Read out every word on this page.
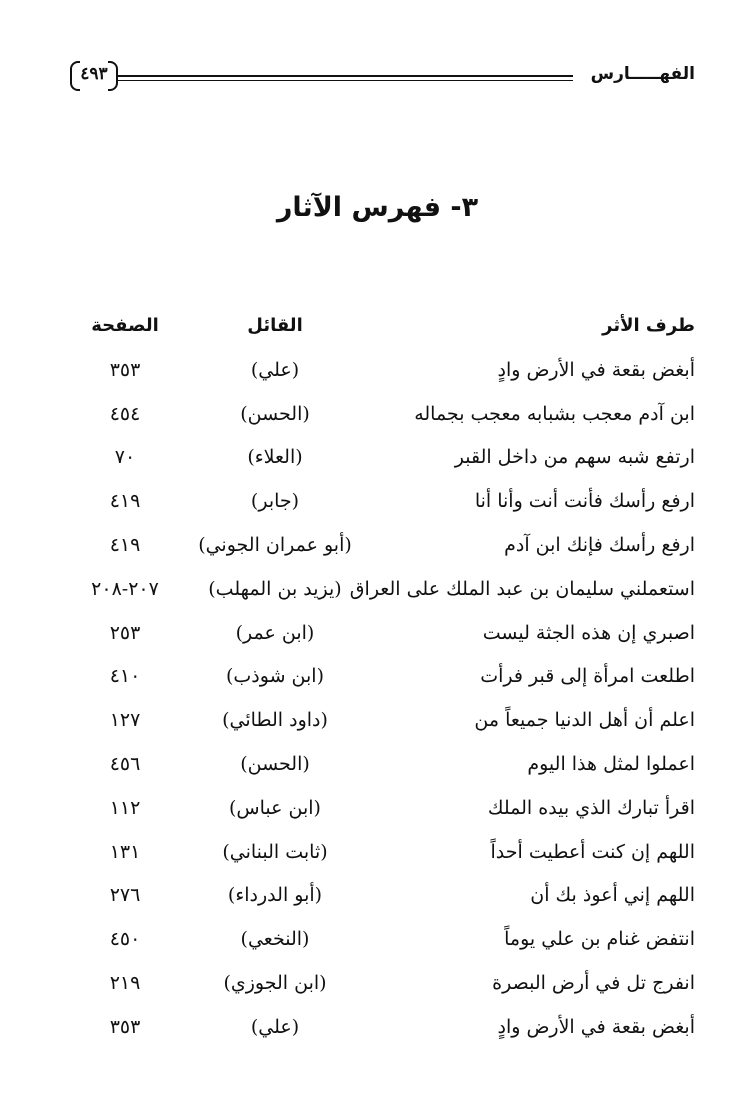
الفهـــــارس
٤٩٣
٣- فهرس الآثار
طرف الأثر
القائل
الصفحة
أبغض بقعة في الأرض وادٍ
(علي)
٣٥٣
ابن آدم معجب بشبابه معجب بجماله
(الحسن)
٤٥٤
ارتفع شبه سهم من داخل القبر
(العلاء)
٧٠
ارفع رأسك فأنت أنت وأنا أنا
(جابر)
٤١٩
ارفع رأسك فإنك ابن آدم
(أبو عمران الجوني)
٤١٩
استعملني سليمان بن عبد الملك على العراق
(يزيد بن المهلب)
٢٠٧-٢٠٨
اصبري إن هذه الجثة ليست
(ابن عمر)
٢٥٣
اطلعت امرأة إلى قبر فرأت
(ابن شوذب)
٤١٠
اعلم أن أهل الدنيا جميعاً من
(داود الطائي)
١٢٧
اعملوا لمثل هذا اليوم
(الحسن)
٤٥٦
اقرأ تبارك الذي بيده الملك
(ابن عباس)
١١٢
اللهم إن كنت أعطيت أحداً
(ثابت البناني)
١٣١
اللهم إني أعوذ بك أن
(أبو الدرداء)
٢٧٦
انتفض غنام بن علي يوماً
(النخعي)
٤٥٠
انفرج تل في أرض البصرة
(ابن الجوزي)
٢١٩
أبغض بقعة في الأرض وادٍ
(علي)
٣٥٣
